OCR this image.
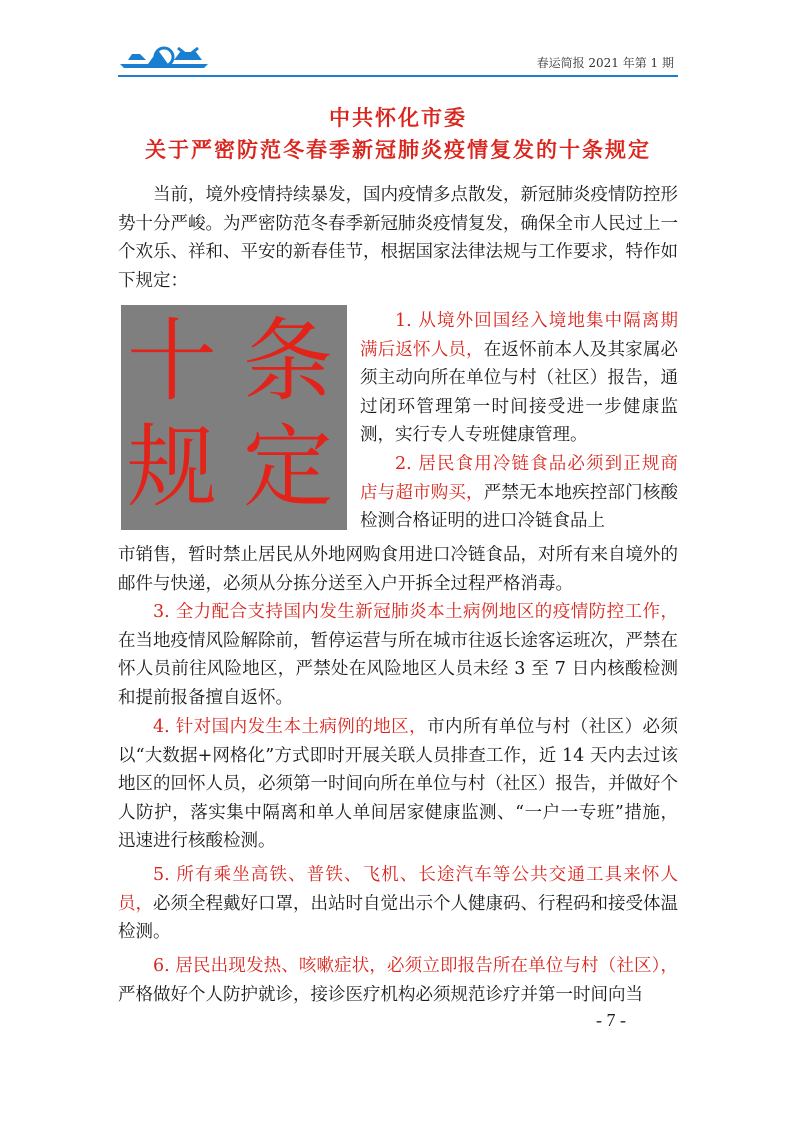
春运简报 2021 年第 1 期
中共怀化市委
关于严密防范冬春季新冠肺炎疫情复发的十条规定

当前，境外疫情持续暴发，国内疫情多点散发，新冠肺炎疫情防控形势十分严峻。为严密防范冬春季新冠肺炎疫情复发，确保全市人民过上一个欢乐、祥和、平安的新春佳节，根据国家法律法规与工作要求，特作如下规定：

十 条
规 定

1. 从境外回国经入境地集中隔离期满后返怀人员，在返怀前本人及其家属必须主动向所在单位与村（社区）报告，通过闭环管理第一时间接受进一步健康监测，实行专人专班健康管理。

2. 居民食用冷链食品必须到正规商店与超市购买，严禁无本地疾控部门核酸检测合格证明的进口冷链食品上

市销售，暂时禁止居民从外地网购食用进口冷链食品，对所有来自境外的邮件与快递，必须从分拣分送至入户开拆全过程严格消毒。

3. 全力配合支持国内发生新冠肺炎本土病例地区的疫情防控工作，在当地疫情风险解除前，暂停运营与所在城市往返长途客运班次，严禁在怀人员前往风险地区，严禁处在风险地区人员未经 3 至 7 日内核酸检测和提前报备擅自返怀。

4. 针对国内发生本土病例的地区，市内所有单位与村（社区）必须以“大数据+网格化”方式即时开展关联人员排查工作，近 14 天内去过该地区的回怀人员，必须第一时间向所在单位与村（社区）报告，并做好个人防护，落实集中隔离和单人单间居家健康监测、“一户一专班”措施，迅速进行核酸检测。

5. 所有乘坐高铁、普铁、飞机、长途汽车等公共交通工具来怀人员，必须全程戴好口罩，出站时自觉出示个人健康码、行程码和接受体温检测。

6. 居民出现发热、咳嗽症状，必须立即报告所在单位与村（社区），严格做好个人防护就诊，接诊医疗机构必须规范诊疗并第一时间向当

- 7 -
